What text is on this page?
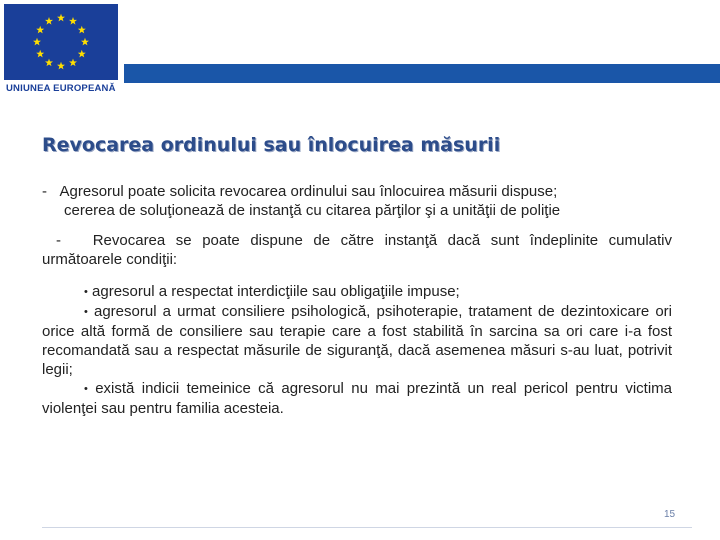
UNIUNEA EUROPEANĂ
Revocarea ordinului sau înlocuirea măsurii
- Agresorul poate solicita revocarea ordinului sau înlocuirea măsurii dispuse;
cererea de soluţionează de instanţă cu citarea părţilor şi a unităţii de poliţie
- Revocarea se poate dispune de către instanţă dacă sunt îndeplinite cumulativ următoarele condiţii:
• agresorul a respectat interdicţiile sau obligaţiile impuse;
• agresorul a urmat consiliere psihologică, psihoterapie, tratament de dezintoxicare ori orice altă formă de consiliere sau terapie care a fost stabilită în sarcina sa ori care i-a fost recomandată sau a respectat măsurile de siguranţă, dacă asemenea măsuri s-au luat, potrivit legii;
• există indicii temeinice că agresorul nu mai prezintă un real pericol pentru victima violenţei sau pentru familia acesteia.
15
